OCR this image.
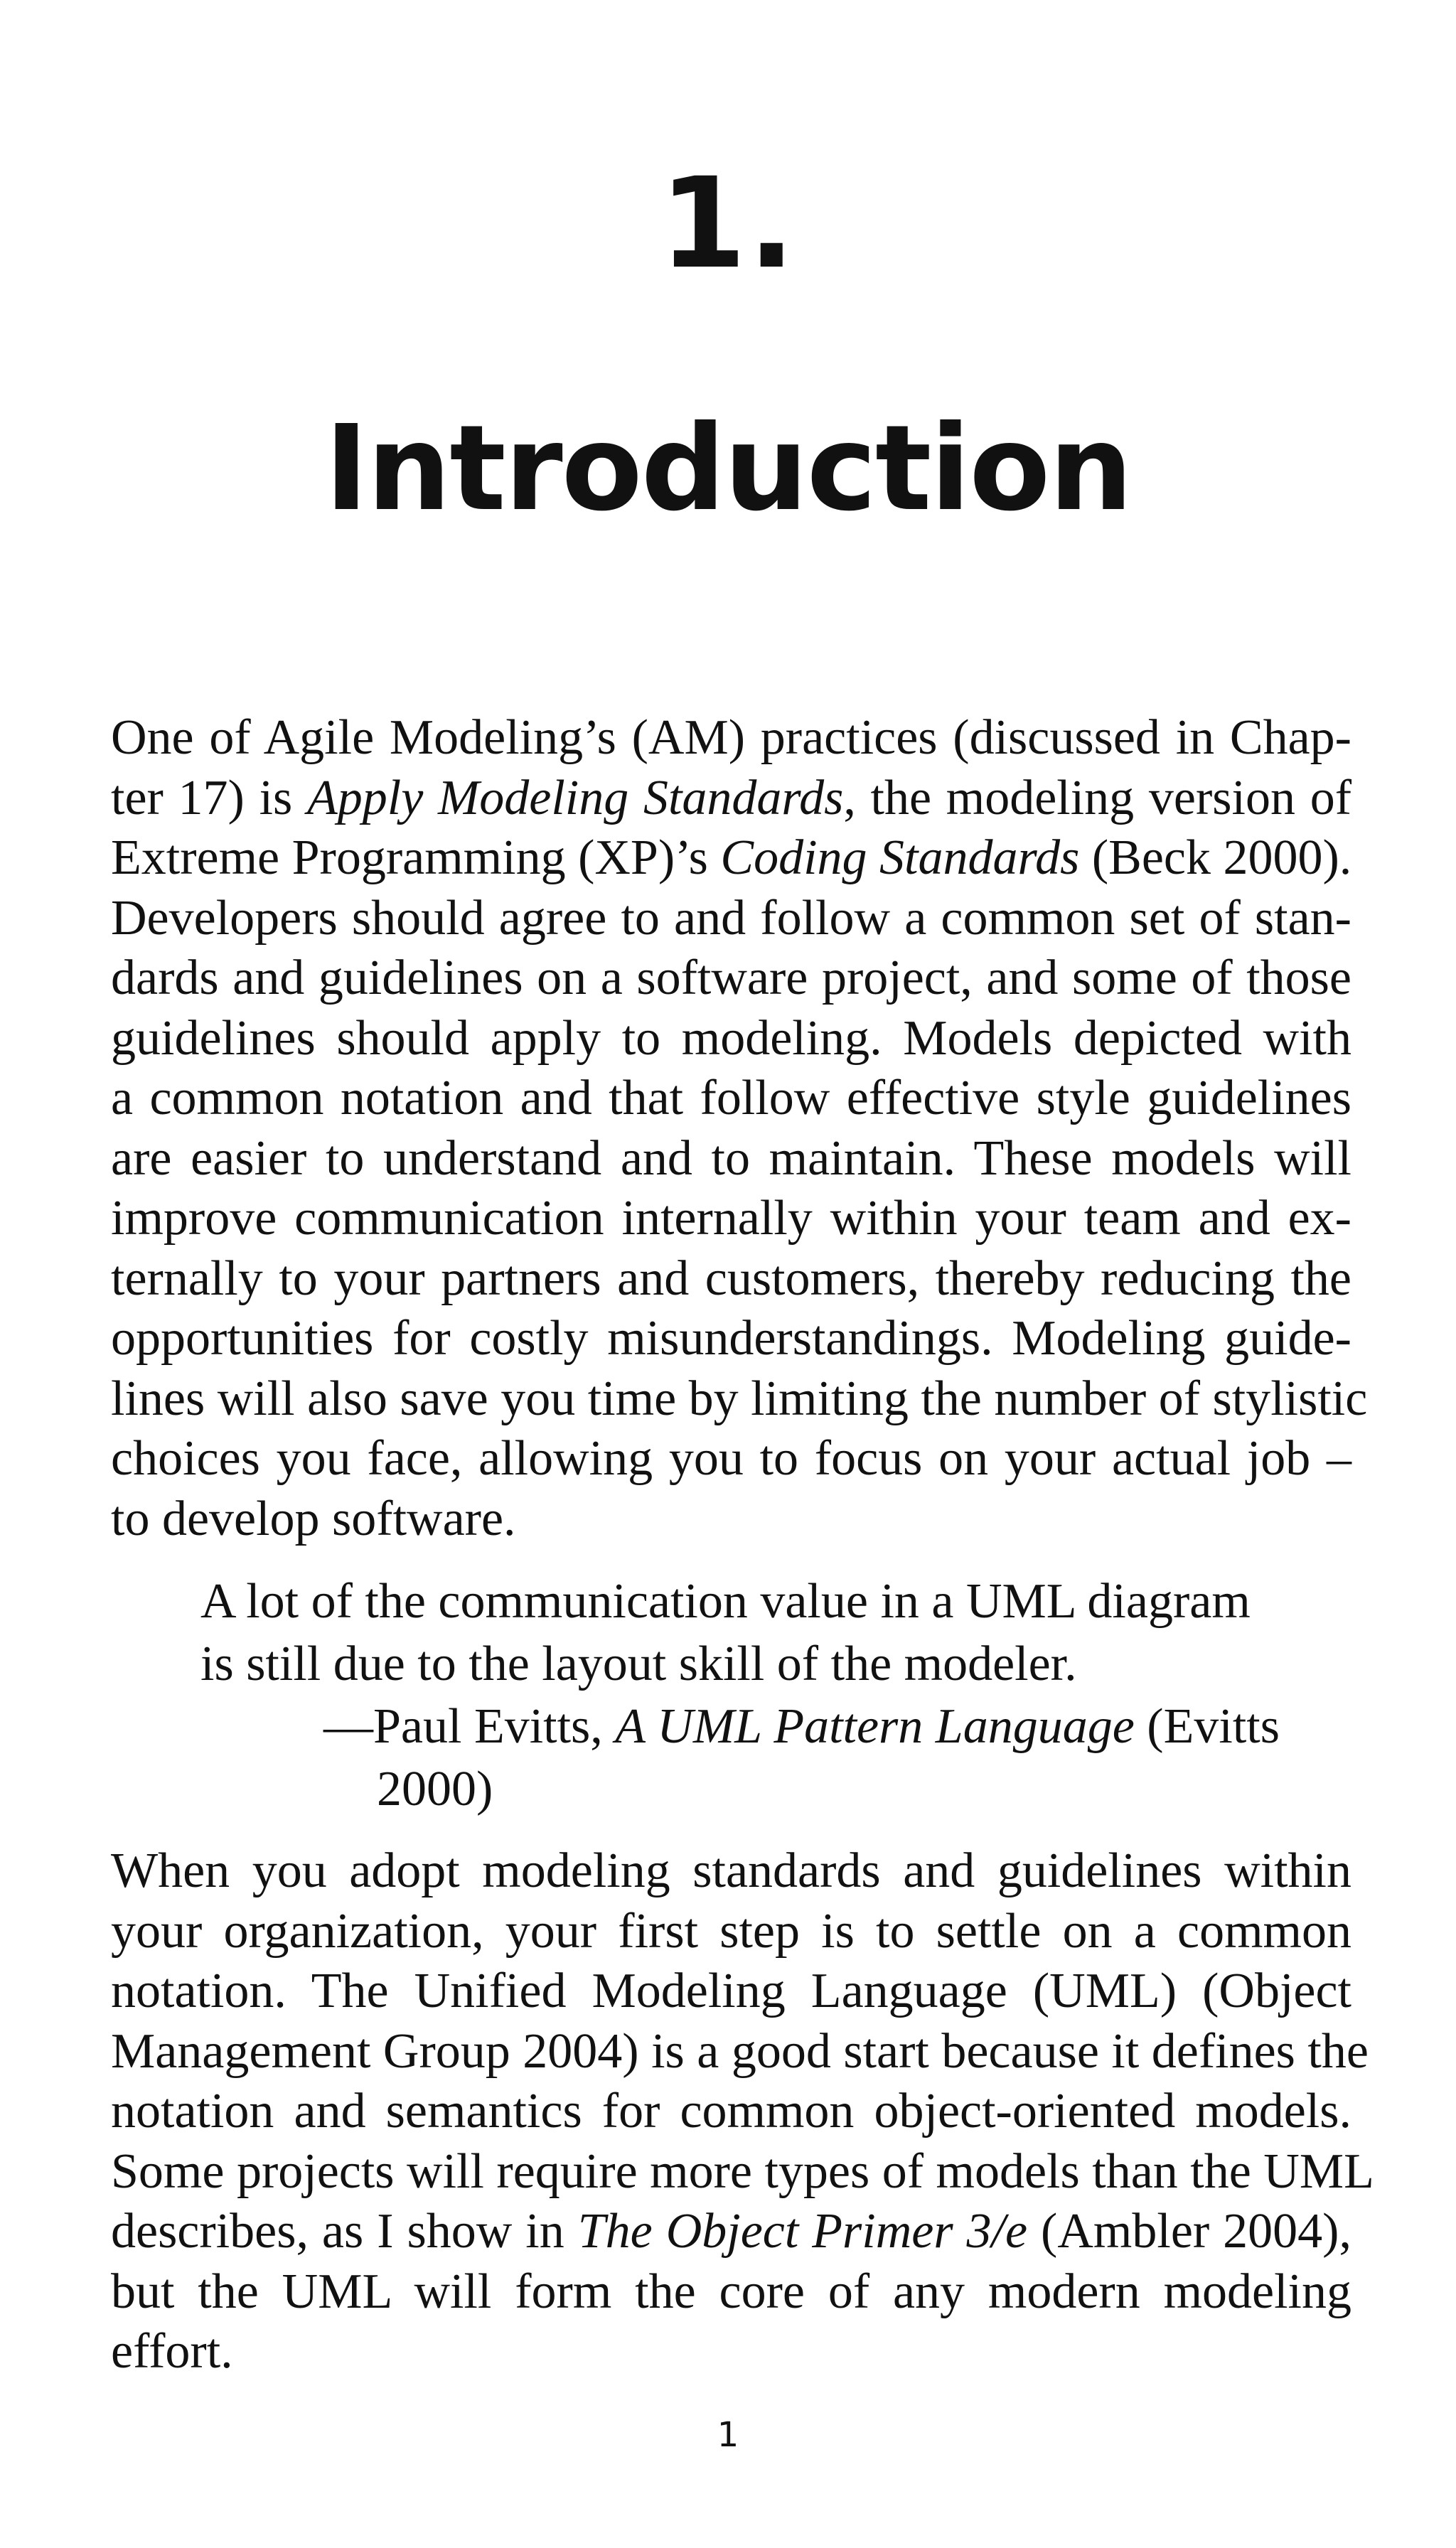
1.
Introduction
One of Agile Modeling’s (AM) practices (discussed in Chap-
ter 17) is Apply Modeling Standards, the modeling version of
Extreme Programming (XP)’s Coding Standards (Beck 2000).
Developers should agree to and follow a common set of stan-
dards and guidelines on a software project, and some of those
guidelines should apply to modeling. Models depicted with
a common notation and that follow effective style guidelines
are easier to understand and to maintain. These models will
improve communication internally within your team and ex-
ternally to your partners and customers, thereby reducing the
opportunities for costly misunderstandings. Modeling guide-
lines will also save you time by limiting the number of stylistic
choices you face, allowing you to focus on your actual job –
to develop software.
A lot of the communication value in a UML diagram
is still due to the layout skill of the modeler.
—Paul Evitts, A UML Pattern Language (Evitts
2000)
When you adopt modeling standards and guidelines within
your organization, your first step is to settle on a common
notation. The Unified Modeling Language (UML) (Object
Management Group 2004) is a good start because it defines the
notation and semantics for common object-oriented models.
Some projects will require more types of models than the UML
describes, as I show in The Object Primer 3/e (Ambler 2004),
but the UML will form the core of any modern modeling
effort.
1
